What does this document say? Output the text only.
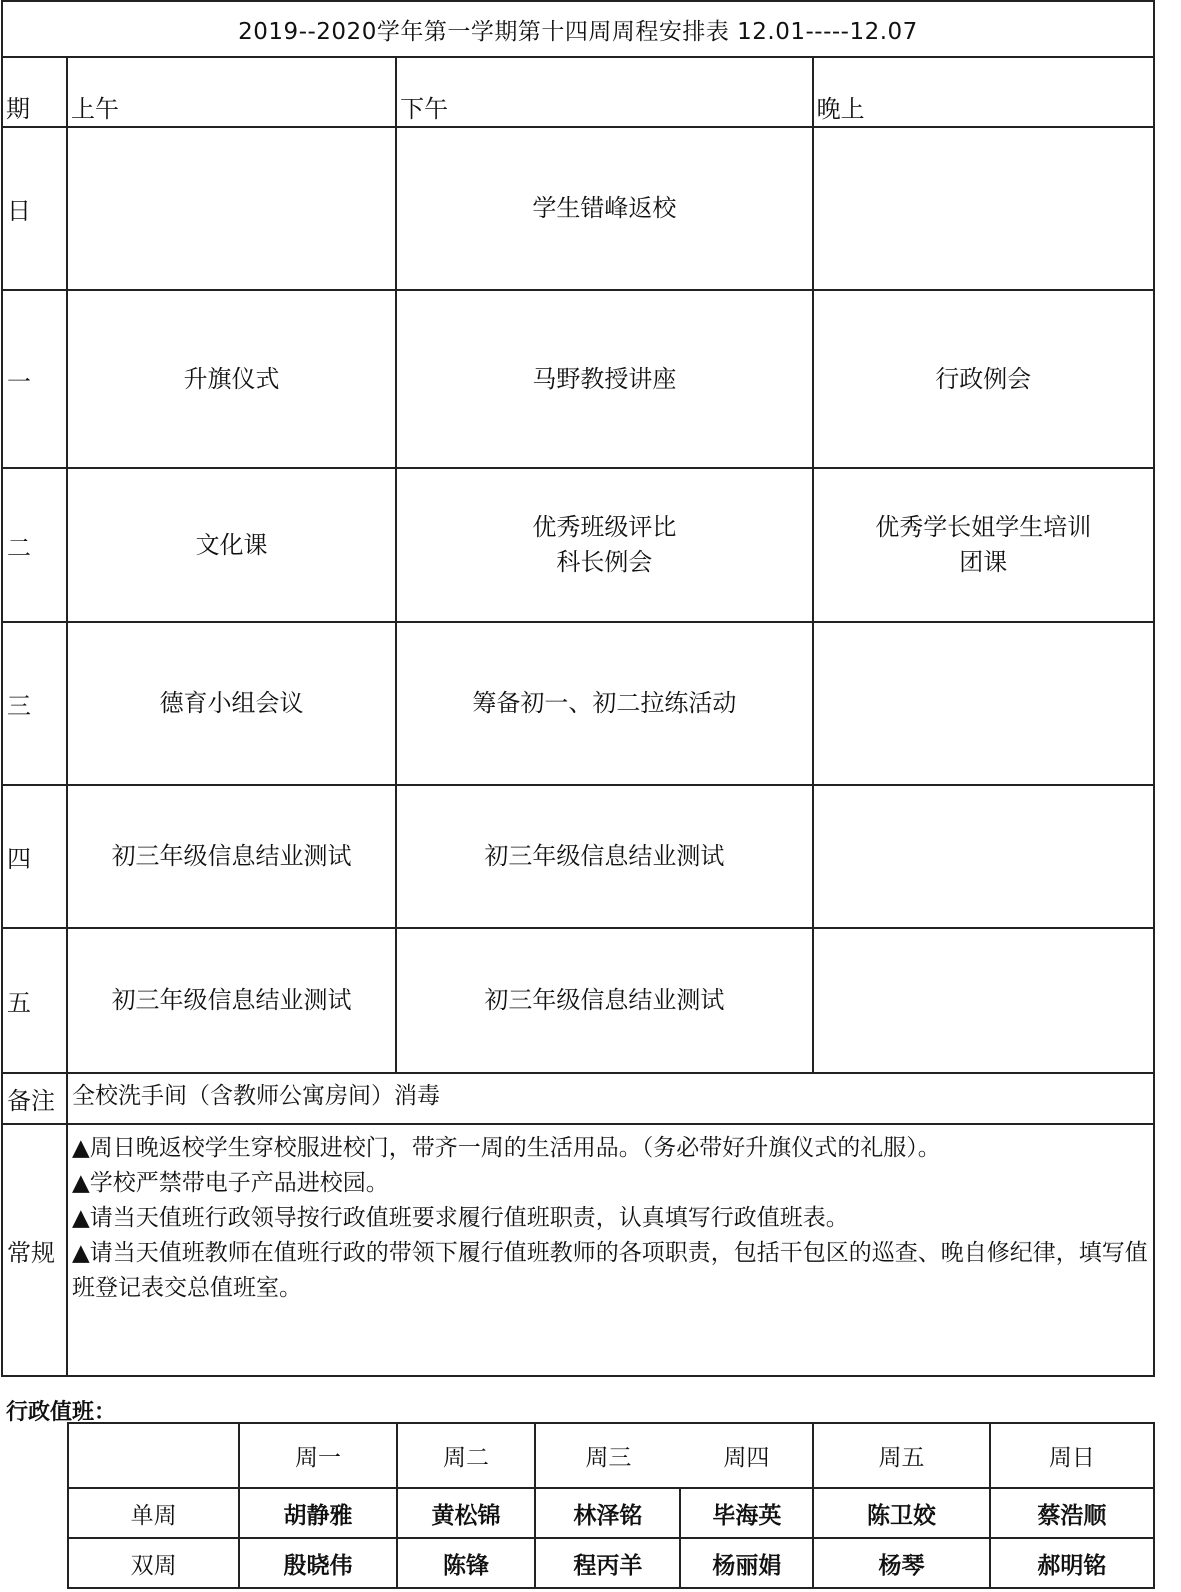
2019--2020学年第一学期第十四周周程安排表 12.01-----12.07			
期	上午	下午	晚上
日		学生错峰返校	

一	升旗仪式	马野教授讲座	行政例会

二	文化课	优秀班级评比
科长例会	优秀学长姐学生培训
团课

三	德育小组会议	筹备初一、初二拉练活动	

四	初三年级信息结业测试	初三年级信息结业测试	

五	初三年级信息结业测试	初三年级信息结业测试	

备注	全校洗手间（含教师公寓房间）消毒		
常规	▲周日晚返校学生穿校服进校门，带齐一周的生活用品。（务必带好升旗仪式的礼服）。
▲学校严禁带电子产品进校园。
▲请当天值班行政领导按行政值班要求履行值班职责，认真填写行政值班表。
▲请当天值班教师在值班行政的带领下履行值班教师的各项职责，包括干包区的巡查、晚自修纪律，填写值班登记表交总值班室。		
行政值班：
	周一	周二	周三	周四	周五	周日
单周	胡静雅	黄松锦	林泽铭	毕海英	陈卫姣	蔡浩顺
双周	殷晓伟	陈锋	程丙羊	杨丽娟	杨琴	郝明铭
